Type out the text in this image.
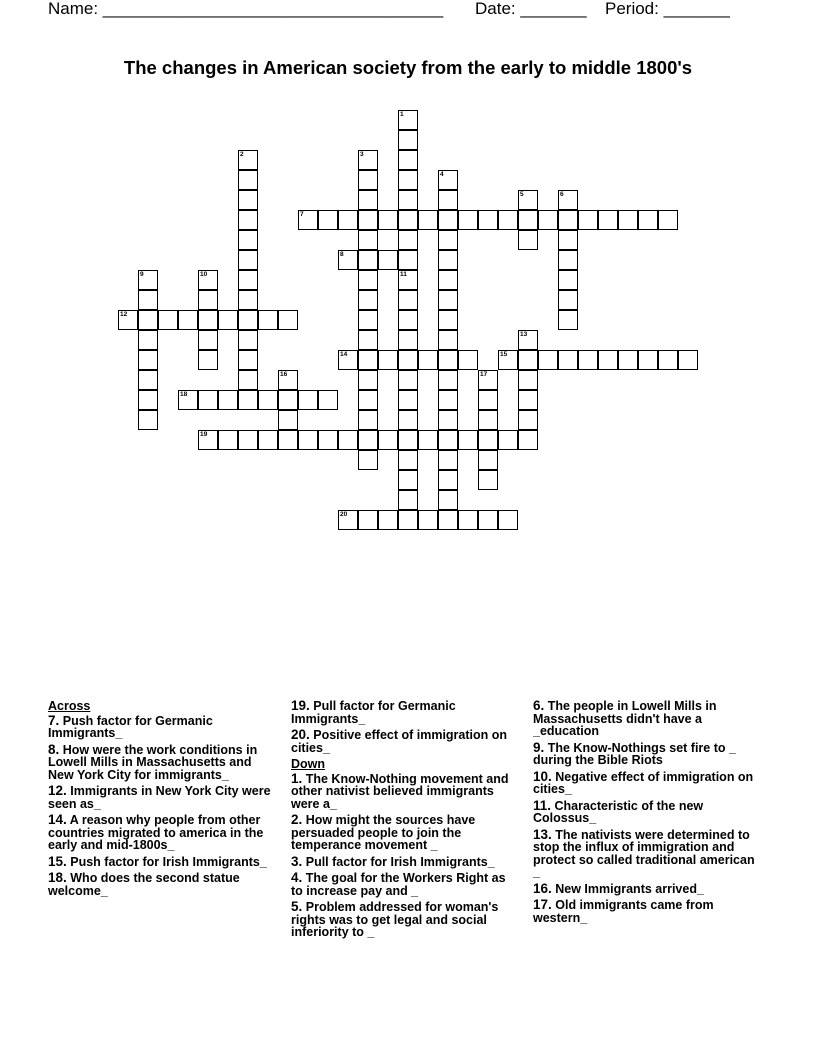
Name: ____________________________________ Date: _______ Period: _______
The changes in American society from the early to middle 1800's
1
11
2	3
4
5	6
7
8
9	10
12
13
14	15
16	17
18
19
20
Across
7. Push factor for Germanic Immigrants_
8. How were the work conditions in Lowell Mills in Massachusetts and New York City for immigrants_
12. Immigrants in New York City were seen as_
14. A reason why people from other countries migrated to america in the early and mid-1800s_
15. Push factor for Irish Immigrants_
18. Who does the second statue welcome_
19. Pull factor for Germanic Immigrants_
20. Positive effect of immigration on cities_
Down
1. The Know-Nothing movement and other nativist believed immigrants were a_
2. How might the sources have persuaded people to join the temperance movement _
3. Pull factor for Irish Immigrants_
4. The goal for the Workers Right as to increase pay and _
5. Problem addressed for woman's rights was to get legal and social inferiority to _
6. The people in Lowell Mills in Massachusetts didn't have a _education
9. The Know-Nothings set fire to _ during the Bible Riots
10. Negative effect of immigration on cities_
11. Characteristic of the new Colossus_
13. The nativists were determined to stop the influx of immigration and protect so called traditional american _
16. New Immigrants arrived_
17. Old immigrants came from western_
